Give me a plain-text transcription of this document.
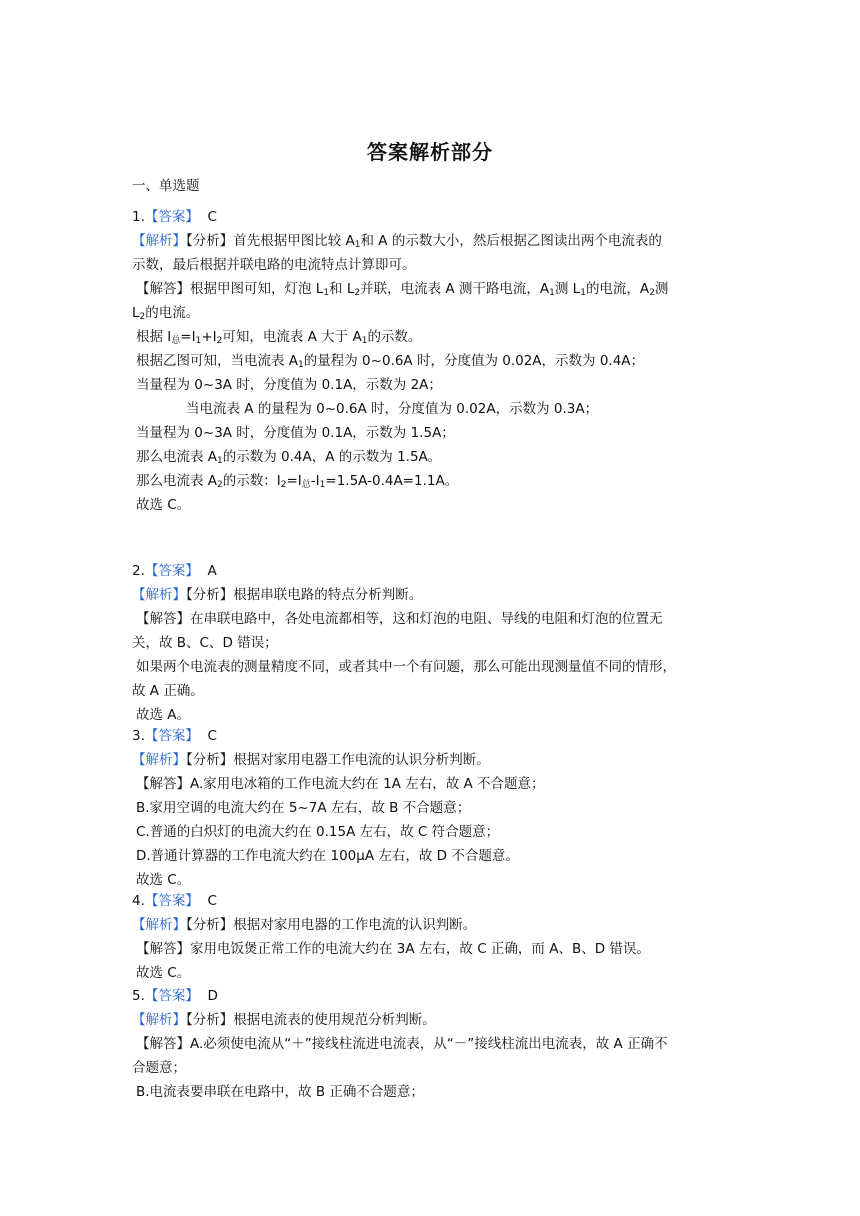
答案解析部分
一、单选题
1.【答案】 C
【解析】【分析】首先根据甲图比较 $A_1$和 A 的示数大小，然后根据乙图读出两个电流表的
示数，最后根据并联电路的电流特点计算即可。
【解答】根据甲图可知，灯泡 $L_1$和 $L_2$并联，电流表 A 测干路电流，$A_1$测 $L_1$的电流，$A_2$测
$L_2$的电流。
根据 $I_总=I_1+I_2$可知，电流表 A 大于 $A_1$的示数。
根据乙图可知，当电流表 $A_1$的量程为 0~0.6A 时，分度值为 0.02A，示数为 0.4A；
当量程为 0~3A 时，分度值为 0.1A，示数为 2A；
当电流表 A 的量程为 0~0.6A 时，分度值为 0.02A，示数为 0.3A；
当量程为 0~3A 时，分度值为 0.1A，示数为 1.5A；
那么电流表 $A_1$的示数为 0.4A，A 的示数为 1.5A。
那么电流表 $A_2$的示数：$I_2=I_总-I_1=1.5A-0.4A=1.1A$。
故选 C。
2.【答案】 A
【解析】【分析】根据串联电路的特点分析判断。
【解答】在串联电路中，各处电流都相等，这和灯泡的电阻、导线的电阻和灯泡的位置无
关，故 B、C、D 错误；
如果两个电流表的测量精度不同，或者其中一个有问题，那么可能出现测量值不同的情形，
故 A 正确。
故选 A。
3.【答案】 C
【解析】【分析】根据对家用电器工作电流的认识分析判断。
【解答】A.家用电冰箱的工作电流大约在 1A 左右，故 A 不合题意；
B.家用空调的电流大约在 5~7A 左右，故 B 不合题意；
C.普通的白炽灯的电流大约在 0.15A 左右，故 C 符合题意；
D.普通计算器的工作电流大约在 100μA 左右，故 D 不合题意。
故选 C。
4.【答案】 C
【解析】【分析】根据对家用电器的工作电流的认识判断。
【解答】家用电饭煲正常工作的电流大约在 3A 左右，故 C 正确，而 A、B、D 错误。
故选 C。
5.【答案】 D
【解析】【分析】根据电流表的使用规范分析判断。
【解答】A.必须使电流从“＋”接线柱流进电流表，从“－”接线柱流出电流表，故 A 正确不
合题意；
B.电流表要串联在电路中，故 B 正确不合题意；
